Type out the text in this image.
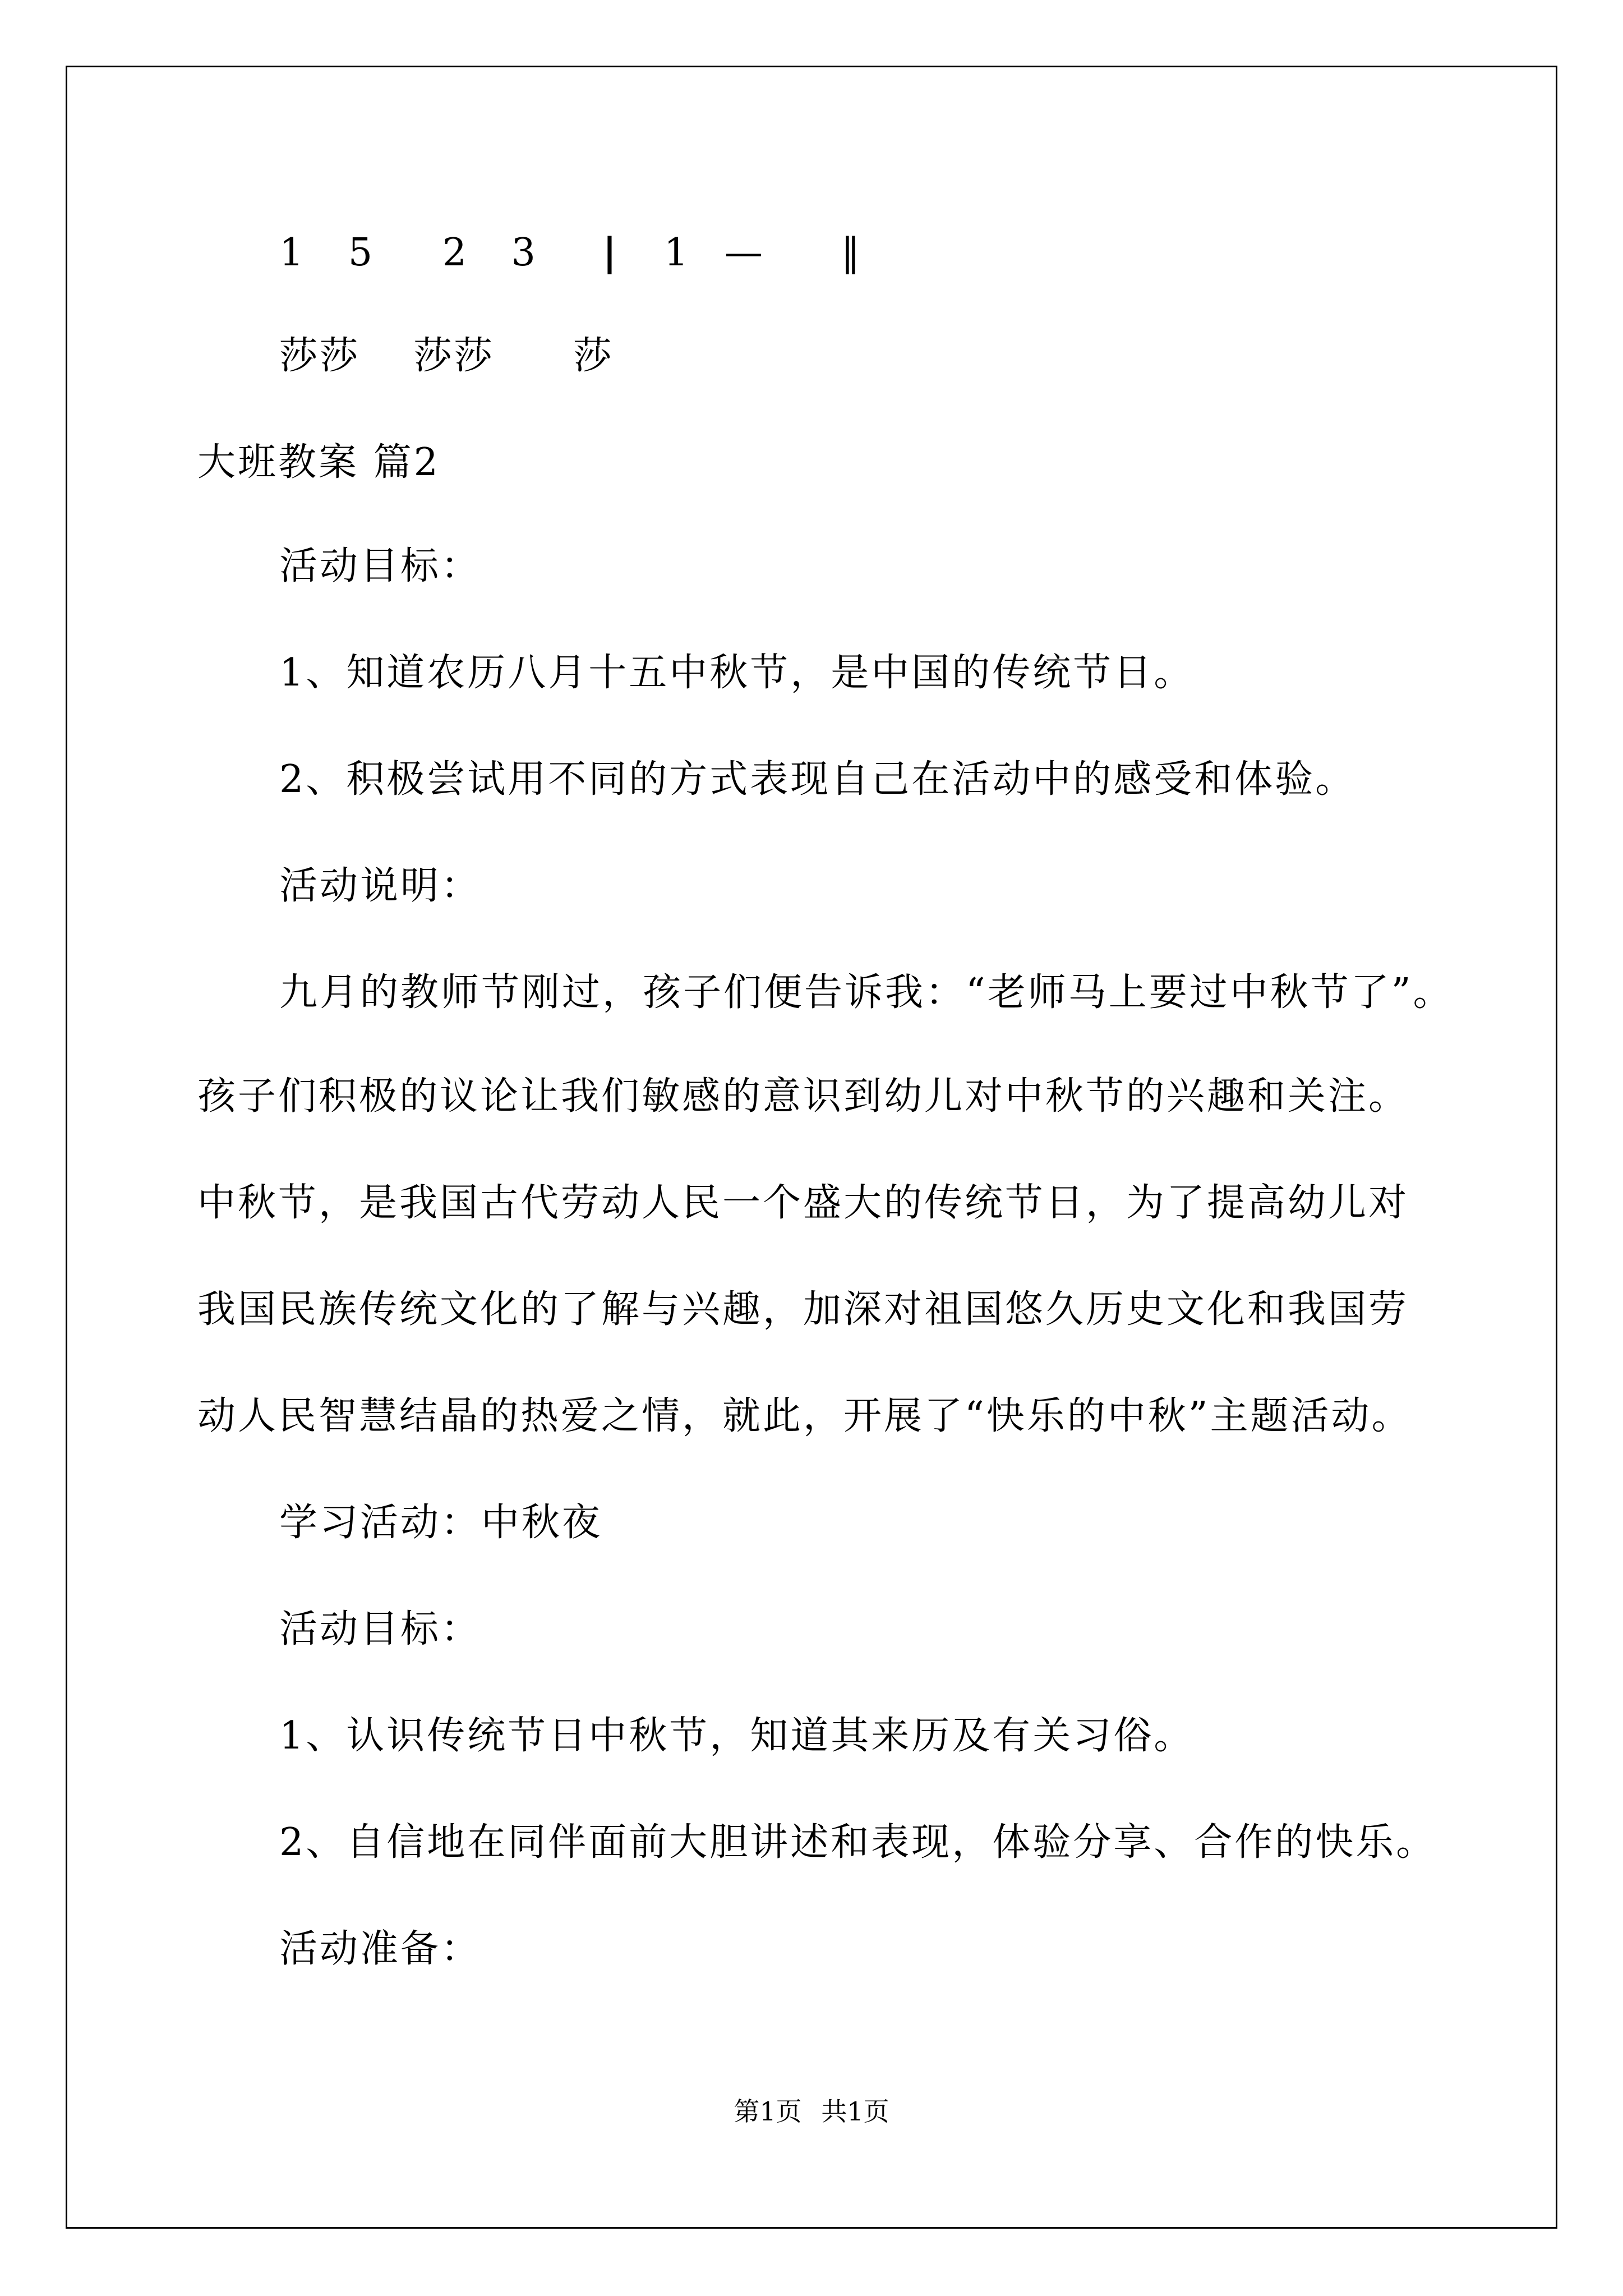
1 5 2 3 | 1 — ‖
莎莎 莎莎 莎
大班教案 篇2
活动目标：
1、知道农历八月十五中秋节，是中国的传统节日。
2、积极尝试用不同的方式表现自己在活动中的感受和体验。
活动说明：
九月的教师节刚过，孩子们便告诉我：“老师马上要过中秋节了”。
孩子们积极的议论让我们敏感的意识到幼儿对中秋节的兴趣和关注。
中秋节，是我国古代劳动人民一个盛大的传统节日，为了提高幼儿对
我国民族传统文化的了解与兴趣，加深对祖国悠久历史文化和我国劳
动人民智慧结晶的热爱之情，就此，开展了“快乐的中秋”主题活动。
学习活动：中秋夜
活动目标：
1、认识传统节日中秋节，知道其来历及有关习俗。
2、自信地在同伴面前大胆讲述和表现，体验分享、合作的快乐。
活动准备：
第1页 共1页
